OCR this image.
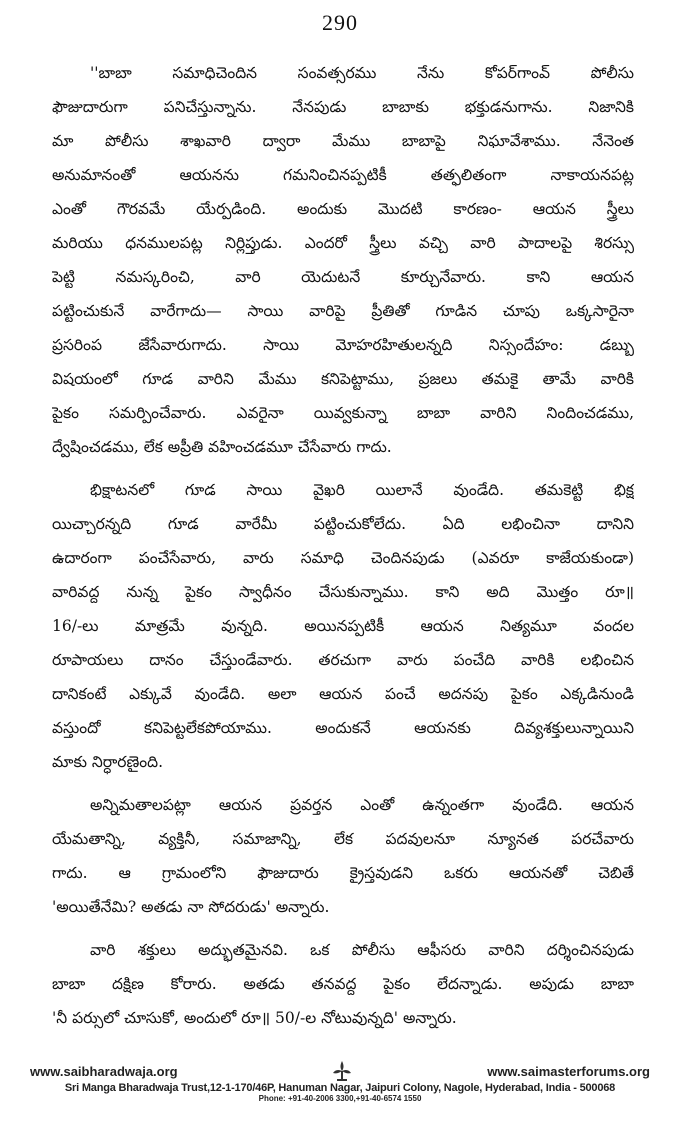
290
''బాబా సమాధిచెందిన సంవత్సరము నేను కోపర్‌గాంవ్ పోలీసు
ఫౌజుదారుగా పనిచేస్తున్నాను. నేనపుడు బాబాకు భక్తుడనుగాను. నిజానికి
మా పోలీసు శాఖవారి ద్వారా మేము బాబాపై నిఘావేశాము. నేనెంత
అనుమానంతో ఆయనను గమనించినప్పటికీ తత్ఫలితంగా నాకాయనపట్ల
ఎంతో గౌరవమే యేర్పడింది. అందుకు మొదటి కారణం- ఆయన స్త్రీలు
మరియు ధనములపట్ల నిర్లిప్తుడు. ఎందరో స్త్రీలు వచ్చి వారి పాదాలపై శిరస్సు
పెట్టి నమస్కరించి, వారి యెదుటనే కూర్చునేవారు. కాని ఆయన
పట్టించుకునే వారేగాదు— సాయి వారిపై ప్రీతితో గూడిన చూపు ఒక్కసారైనా
ప్రసరింప జేసేవారుగాదు. సాయి మోహరహితులన్నది నిస్సందేహం: డబ్బు
విషయంలో గూడ వారిని మేము కనిపెట్టాము, ప్రజలు తమకై తామే వారికి
పైకం సమర్పించేవారు. ఎవరైనా యివ్వకున్నా బాబా వారిని నిందించడము,
ద్వేషించడము, లేక అప్రీతి వహించడమూ చేసేవారు గాదు.
భిక్షాటనలో గూడ సాయి వైఖరి యిలానే వుండేది. తమకెట్టి భిక్ష
యిచ్చారన్నది గూడ వారేమీ పట్టించుకోలేదు. ఏది లభించినా దానిని
ఉదారంగా పంచేసేవారు, వారు సమాధి చెందినపుడు (ఎవరూ కాజేయకుండా)
వారివద్ద నున్న పైకం స్వాధీనం చేసుకున్నాము. కాని అది మొత్తం రూ॥
16/-లు మాత్రమే వున్నది. అయినప్పటికీ ఆయన నిత్యమూ వందల
రూపాయలు దానం చేస్తుండేవారు. తరచుగా వారు పంచేది వారికి లభించిన
దానికంటే ఎక్కువే వుండేది. అలా ఆయన పంచే అదనపు పైకం ఎక్కడినుండి
వస్తుందో కనిపెట్టలేకపోయాము. అందుకనే ఆయనకు దివ్యశక్తులున్నాయిని
మాకు నిర్ధారణైంది.
అన్నిమతాలపట్లా ఆయన ప్రవర్తన ఎంతో ఉన్నంతగా వుండేది. ఆయన
యేమతాన్ని, వ్యక్తినీ, సమాజాన్ని, లేక పదవులనూ న్యూనత పరచేవారు
గాదు. ఆ గ్రామంలోని ఫౌజుదారు క్రైస్తవుడని ఒకరు ఆయనతో చెబితే
'అయితేనేమి? అతడు నా సోదరుడు' అన్నారు.
వారి శక్తులు అద్భుతమైనవి. ఒక పోలీసు ఆఫీసరు వారిని దర్శించినపుడు
బాబా దక్షిణ కోరారు. అతడు తనవద్ద పైకం లేదన్నాడు. అపుడు బాబా
'నీ పర్సులో చూసుకో, అందులో రూ॥ 50/-ల నోటువున్నది' అన్నారు.
www.saibharadwaja.org	www.saimasterforums.org
Sri Manga Bharadwaja Trust,12-1-170/46P, Hanuman Nagar, Jaipuri Colony, Nagole, Hyderabad, India - 500068
Phone: +91-40-2006 3300,+91-40-6574 1550
